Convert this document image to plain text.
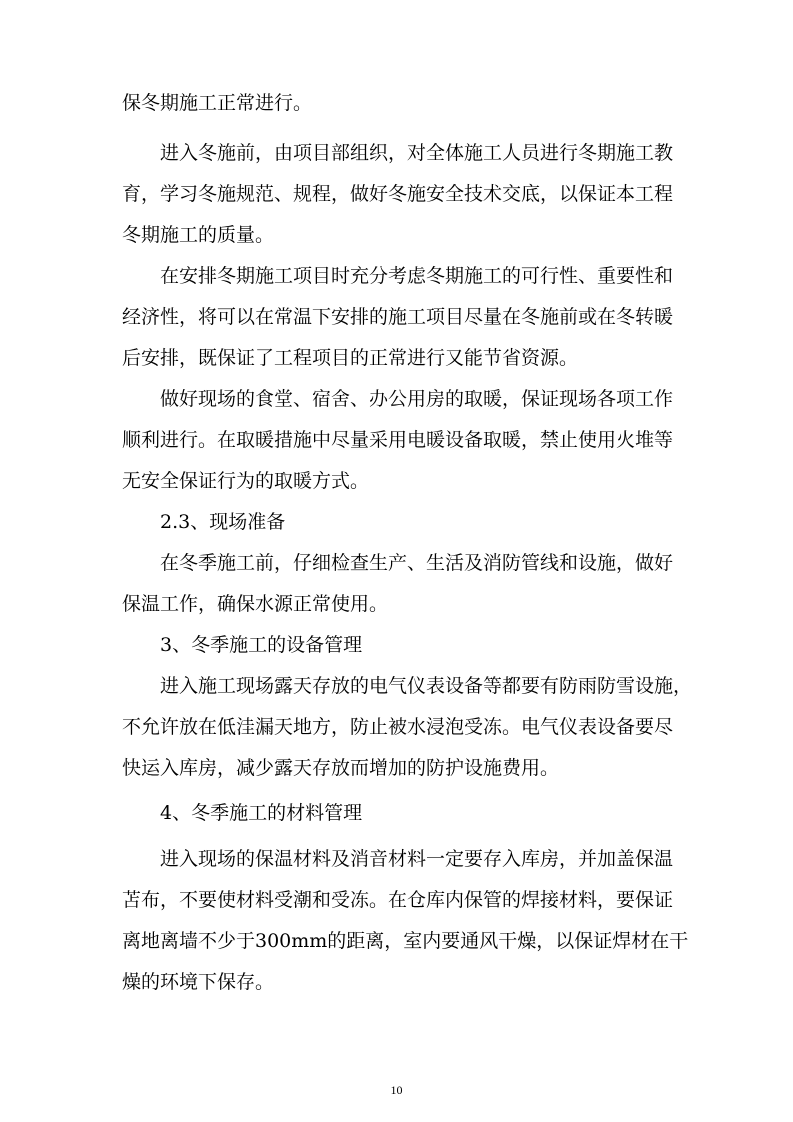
保冬期施工正常进行。
进入冬施前，由项目部组织，对全体施工人员进行冬期施工教
育，学习冬施规范、规程，做好冬施安全技术交底，以保证本工程
冬期施工的质量。
在安排冬期施工项目时充分考虑冬期施工的可行性、重要性和
经济性，将可以在常温下安排的施工项目尽量在冬施前或在冬转暖
后安排，既保证了工程项目的正常进行又能节省资源。
做好现场的食堂、宿舍、办公用房的取暖，保证现场各项工作
顺利进行。在取暖措施中尽量采用电暖设备取暖，禁止使用火堆等
无安全保证行为的取暖方式。
2.3、现场准备
在冬季施工前，仔细检查生产、生活及消防管线和设施，做好
保温工作，确保水源正常使用。
3、冬季施工的设备管理
进入施工现场露天存放的电气仪表设备等都要有防雨防雪设施，
不允许放在低洼漏天地方，防止被水浸泡受冻。电气仪表设备要尽
快运入库房，减少露天存放而增加的防护设施费用。
4、冬季施工的材料管理
进入现场的保温材料及消音材料一定要存入库房，并加盖保温
苫布，不要使材料受潮和受冻。在仓库内保管的焊接材料，要保证
离地离墙不少于300mm的距离，室内要通风干燥，以保证焊材在干
燥的环境下保存。
10
